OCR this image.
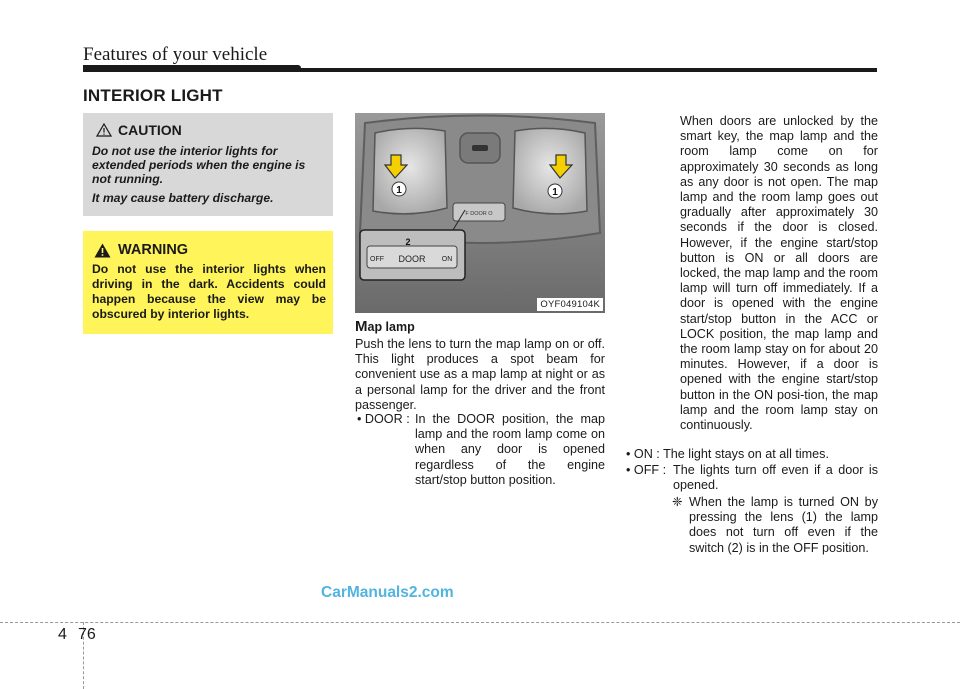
Features of your vehicle
INTERIOR LIGHT
CAUTION

Do not use the interior lights for extended periods when the engine is not running.

It may cause battery discharge.

WARNING
Do not use the interior lights when driving in the dark. Accidents could happen because the view may be obscured by interior lights.
F DOOR O
1	1
2
OFF DOOR ON
OYF049104K
Map lamp
Push the lens to turn the map lamp on or off. This light produces a spot beam for convenient use as a map lamp at night or as a personal lamp for the driver and the front passenger.
• DOOR : In the DOOR position, the map lamp and the room lamp come on when any door is opened regardless of the engine start/stop button position.
When doors are unlocked by the smart key, the map lamp and the room lamp come on for approximately 30 seconds as long as any door is not open. The map lamp and the room lamp goes out gradually after approximately 30 seconds if the door is closed. However, if the engine start/stop button is ON or all doors are locked, the map lamp and the room lamp will turn off immediately. If a door is opened with the engine start/stop button in the ACC or LOCK position, the map lamp and the room lamp stay on for about 20 minutes. However, if a door is opened with the engine start/stop button in the ON posi-tion, the map lamp and the room lamp stay on continuously.
• ON : The light stays on at all times.
• OFF : The lights turn off even if a door is opened.
❈ When the lamp is turned ON by pressing the lens (1) the lamp does not turn off even if the switch (2) is in the OFF position.
CarManuals2.com
4 76
